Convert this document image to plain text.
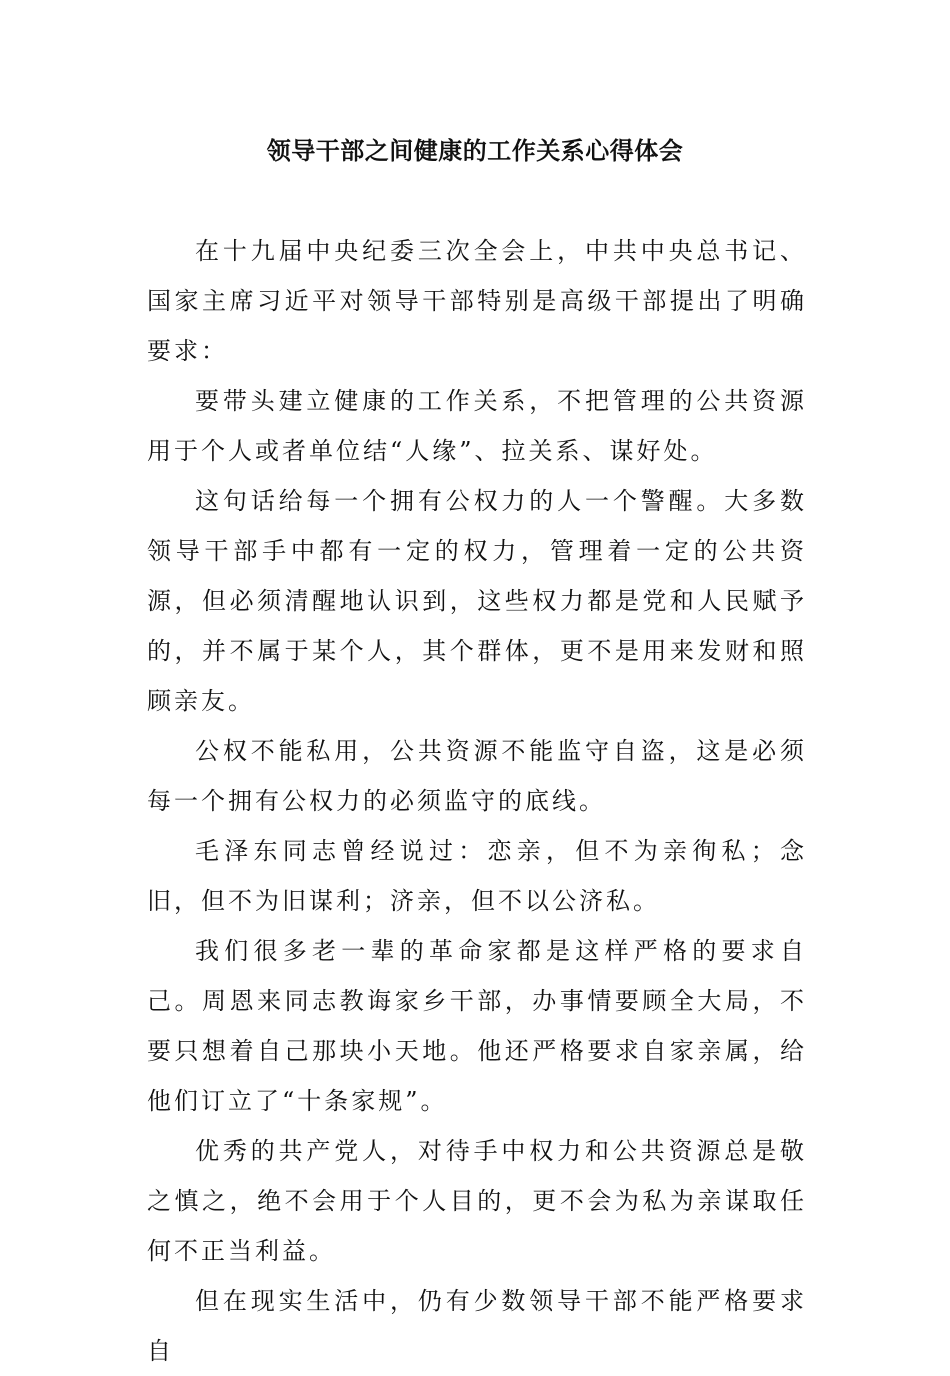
领导干部之间健康的工作关系心得体会

在十九届中央纪委三次全会上，中共中央总书记、国家主席习近平对领导干部特别是高级干部提出了明确要求：

要带头建立健康的工作关系，不把管理的公共资源用于个人或者单位结“人缘”、拉关系、谋好处。

这句话给每一个拥有公权力的人一个警醒。大多数领导干部手中都有一定的权力，管理着一定的公共资源，但必须清醒地认识到，这些权力都是党和人民赋予的，并不属于某个人，其个群体，更不是用来发财和照顾亲友。

公权不能私用，公共资源不能监守自盗，这是必须每一个拥有公权力的必须监守的底线。

毛泽东同志曾经说过：恋亲，但不为亲徇私；念旧，但不为旧谋利；济亲，但不以公济私。

我们很多老一辈的革命家都是这样严格的要求自己。周恩来同志教诲家乡干部，办事情要顾全大局，不要只想着自己那块小天地。他还严格要求自家亲属，给他们订立了“十条家规”。

优秀的共产党人，对待手中权力和公共资源总是敬之慎之，绝不会用于个人目的，更不会为私为亲谋取任何不正当利益。

但在现实生活中，仍有少数领导干部不能严格要求自
